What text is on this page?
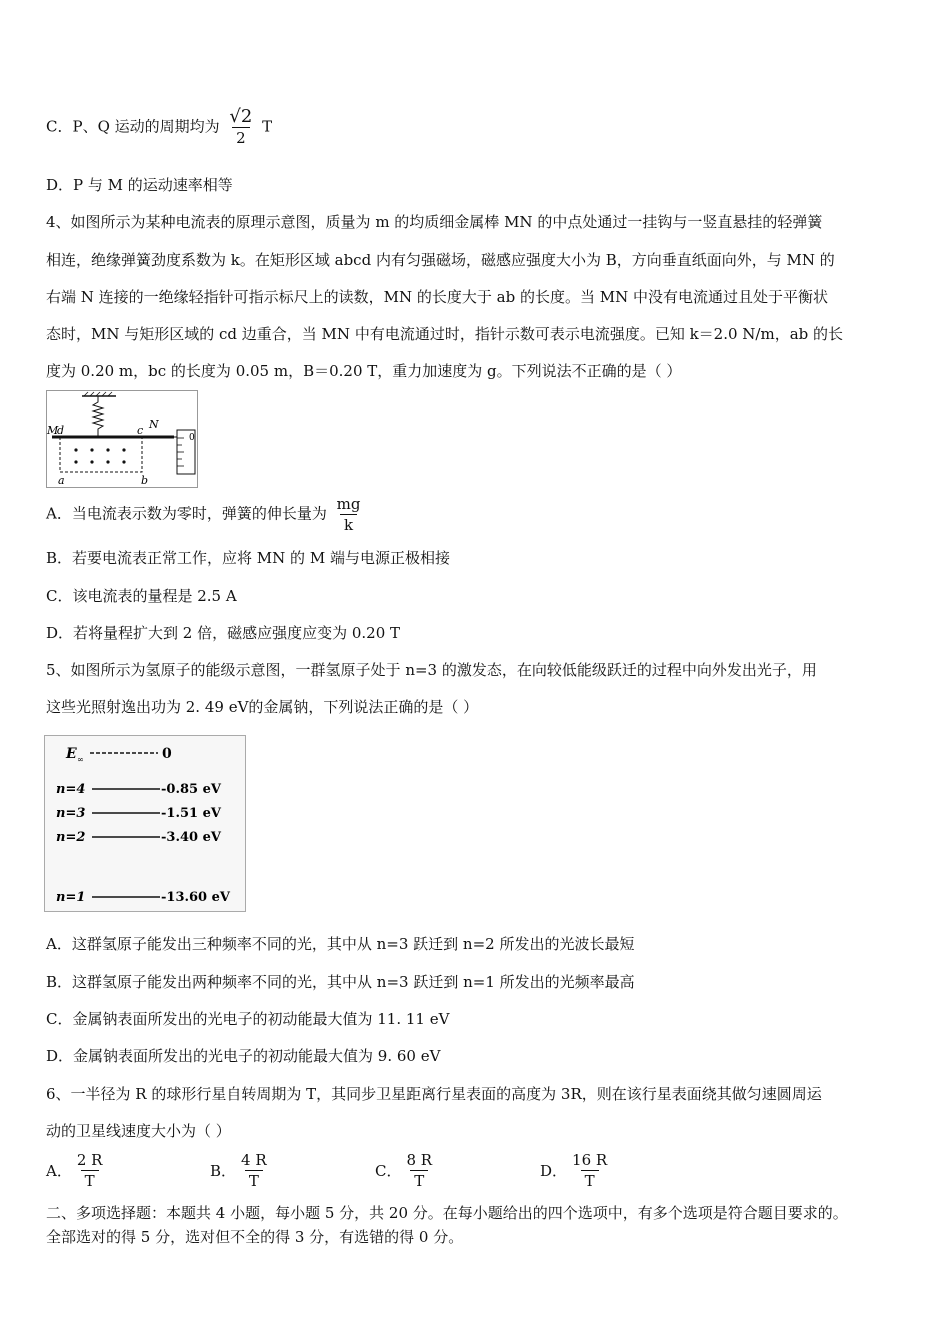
C．P、Q 运动的周期均为 $\frac{√2}{2}$ T
D．P 与 M 的运动速率相等
4、如图所示为某种电流表的原理示意图，质量为 m 的均质细金属棒 MN 的中点处通过一挂钩与一竖直悬挂的轻弹簧
相连，绝缘弹簧劲度系数为 k。在矩形区域 abcd 内有匀强磁场，磁感应强度大小为 B，方向垂直纸面向外，与 MN 的
右端 N 连接的一绝缘轻指针可指示标尺上的读数，MN 的长度大于 ab 的长度。当 MN 中没有电流通过且处于平衡状
态时，MN 与矩形区域的 cd 边重合，当 MN 中有电流通过时，指针示数可表示电流强度。已知 k＝2.0 N/m，ab 的长
度为 0.20 m，bc 的长度为 0.05 m，B＝0.20 T，重力加速度为 g。下列说法不正确的是（ ）
0
M
d	c N
a	b
A．当电流表示数为零时，弹簧的伸长量为 $\frac{mg}{k}$
B．若要电流表正常工作，应将 MN 的 M 端与电源正极相接
C．该电流表的量程是 2.5 A
D．若将量程扩大到 2 倍，磁感应强度应变为 0.20 T
5、如图所示为氢原子的能级示意图，一群氢原子处于 n=3 的激发态，在向较低能级跃迁的过程中向外发出光子，用
这些光照射逸出功为 2. 49 eV的金属钠，下列说法正确的是（ ）
E ∞	0
n=4	-0.85 eV
n=3	-1.51 eV
n=2	-3.40 eV
n=1	-13.60 eV
A．这群氢原子能发出三种频率不同的光，其中从 n=3 跃迁到 n=2 所发出的光波长最短
B．这群氢原子能发出两种频率不同的光，其中从 n=3 跃迁到 n=1 所发出的光频率最高
C．金属钠表面所发出的光电子的初动能最大值为 11. 11 eV
D．金属钠表面所发出的光电子的初动能最大值为 9. 60 eV
6、一半径为 R 的球形行星自转周期为 T，其同步卫星距离行星表面的高度为 3R，则在该行星表面绕其做匀速圆周运
动的卫星线速度大小为（ ）
A． $\frac{2 R}{T}$	B． $\frac{4 R}{T}$	C． $\frac{8 R}{T}$	D． $\frac{16 R}{T}$
二、多项选择题：本题共 4 小题，每小题 5 分，共 20 分。在每小题给出的四个选项中，有多个选项是符合题目要求的。
全部选对的得 5 分，选对但不全的得 3 分，有选错的得 0 分。
